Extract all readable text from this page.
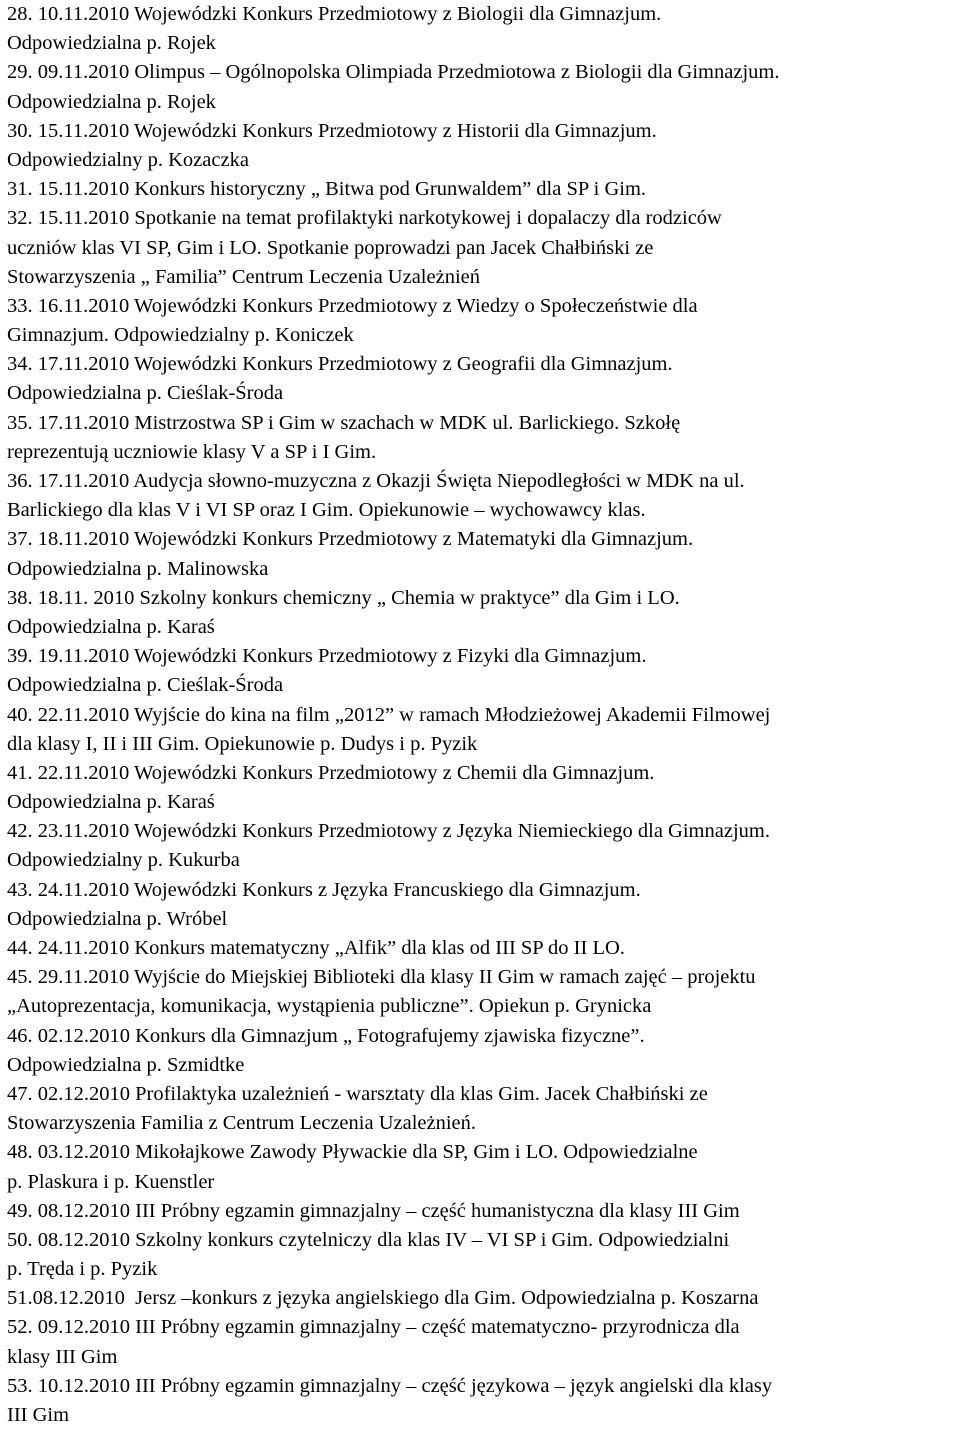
28. 10.11.2010 Wojewódzki Konkurs Przedmiotowy z Biologii dla Gimnazjum.
Odpowiedzialna p. Rojek
29. 09.11.2010 Olimpus – Ogólnopolska Olimpiada Przedmiotowa z Biologii dla Gimnazjum.
Odpowiedzialna p. Rojek
30. 15.11.2010 Wojewódzki Konkurs Przedmiotowy z Historii dla Gimnazjum.
Odpowiedzialny p. Kozaczka
31. 15.11.2010 Konkurs historyczny „ Bitwa pod Grunwaldem” dla SP i Gim.
32. 15.11.2010 Spotkanie na temat profilaktyki narkotykowej i dopalaczy dla rodziców
uczniów klas VI SP, Gim i LO. Spotkanie poprowadzi pan Jacek Chałbiński ze
Stowarzyszenia „ Familia” Centrum Leczenia Uzależnień
33. 16.11.2010 Wojewódzki Konkurs Przedmiotowy z Wiedzy o Społeczeństwie dla
Gimnazjum. Odpowiedzialny p. Koniczek
34. 17.11.2010 Wojewódzki Konkurs Przedmiotowy z Geografii dla Gimnazjum.
Odpowiedzialna p. Cieślak-Środa
35. 17.11.2010 Mistrzostwa SP i Gim w szachach w MDK ul. Barlickiego. Szkołę
reprezentują uczniowie klasy V a SP i I Gim.
36. 17.11.2010 Audycja słowno-muzyczna z Okazji Święta Niepodległości w MDK na ul.
Barlickiego dla klas V i VI SP oraz I Gim. Opiekunowie – wychowawcy klas.
37. 18.11.2010 Wojewódzki Konkurs Przedmiotowy z Matematyki dla Gimnazjum.
Odpowiedzialna p. Malinowska
38. 18.11. 2010 Szkolny konkurs chemiczny „ Chemia w praktyce” dla Gim i LO.
Odpowiedzialna p. Karaś
39. 19.11.2010 Wojewódzki Konkurs Przedmiotowy z Fizyki dla Gimnazjum.
Odpowiedzialna p. Cieślak-Środa
40. 22.11.2010 Wyjście do kina na film „2012” w ramach Młodzieżowej Akademii Filmowej
dla klasy I, II i III Gim. Opiekunowie p. Dudys i p. Pyzik
41. 22.11.2010 Wojewódzki Konkurs Przedmiotowy z Chemii dla Gimnazjum.
Odpowiedzialna p. Karaś
42. 23.11.2010 Wojewódzki Konkurs Przedmiotowy z Języka Niemieckiego dla Gimnazjum.
Odpowiedzialny p. Kukurba
43. 24.11.2010 Wojewódzki Konkurs z Języka Francuskiego dla Gimnazjum.
Odpowiedzialna p. Wróbel
44. 24.11.2010 Konkurs matematyczny „Alfik” dla klas od III SP do II LO.
45. 29.11.2010 Wyjście do Miejskiej Biblioteki dla klasy II Gim w ramach zajęć – projektu
„Autoprezentacja, komunikacja, wystąpienia publiczne”. Opiekun p. Grynicka
46. 02.12.2010 Konkurs dla Gimnazjum „ Fotografujemy zjawiska fizyczne”.
Odpowiedzialna p. Szmidtke
47. 02.12.2010 Profilaktyka uzależnień - warsztaty dla klas Gim. Jacek Chałbiński ze
Stowarzyszenia Familia z Centrum Leczenia Uzależnień.
48. 03.12.2010 Mikołajkowe Zawody Pływackie dla SP, Gim i LO. Odpowiedzialne
p. Plaskura i p. Kuenstler
49. 08.12.2010 III Próbny egzamin gimnazjalny – część humanistyczna dla klasy III Gim
50. 08.12.2010 Szkolny konkurs czytelniczy dla klas IV – VI SP i Gim. Odpowiedzialni
p. Tręda i p. Pyzik
51.08.12.2010  Jersz –konkurs z języka angielskiego dla Gim. Odpowiedzialna p. Koszarna
52. 09.12.2010 III Próbny egzamin gimnazjalny – część matematyczno- przyrodnicza dla
klasy III Gim
53. 10.12.2010 III Próbny egzamin gimnazjalny – część językowa – język angielski dla klasy
III Gim
